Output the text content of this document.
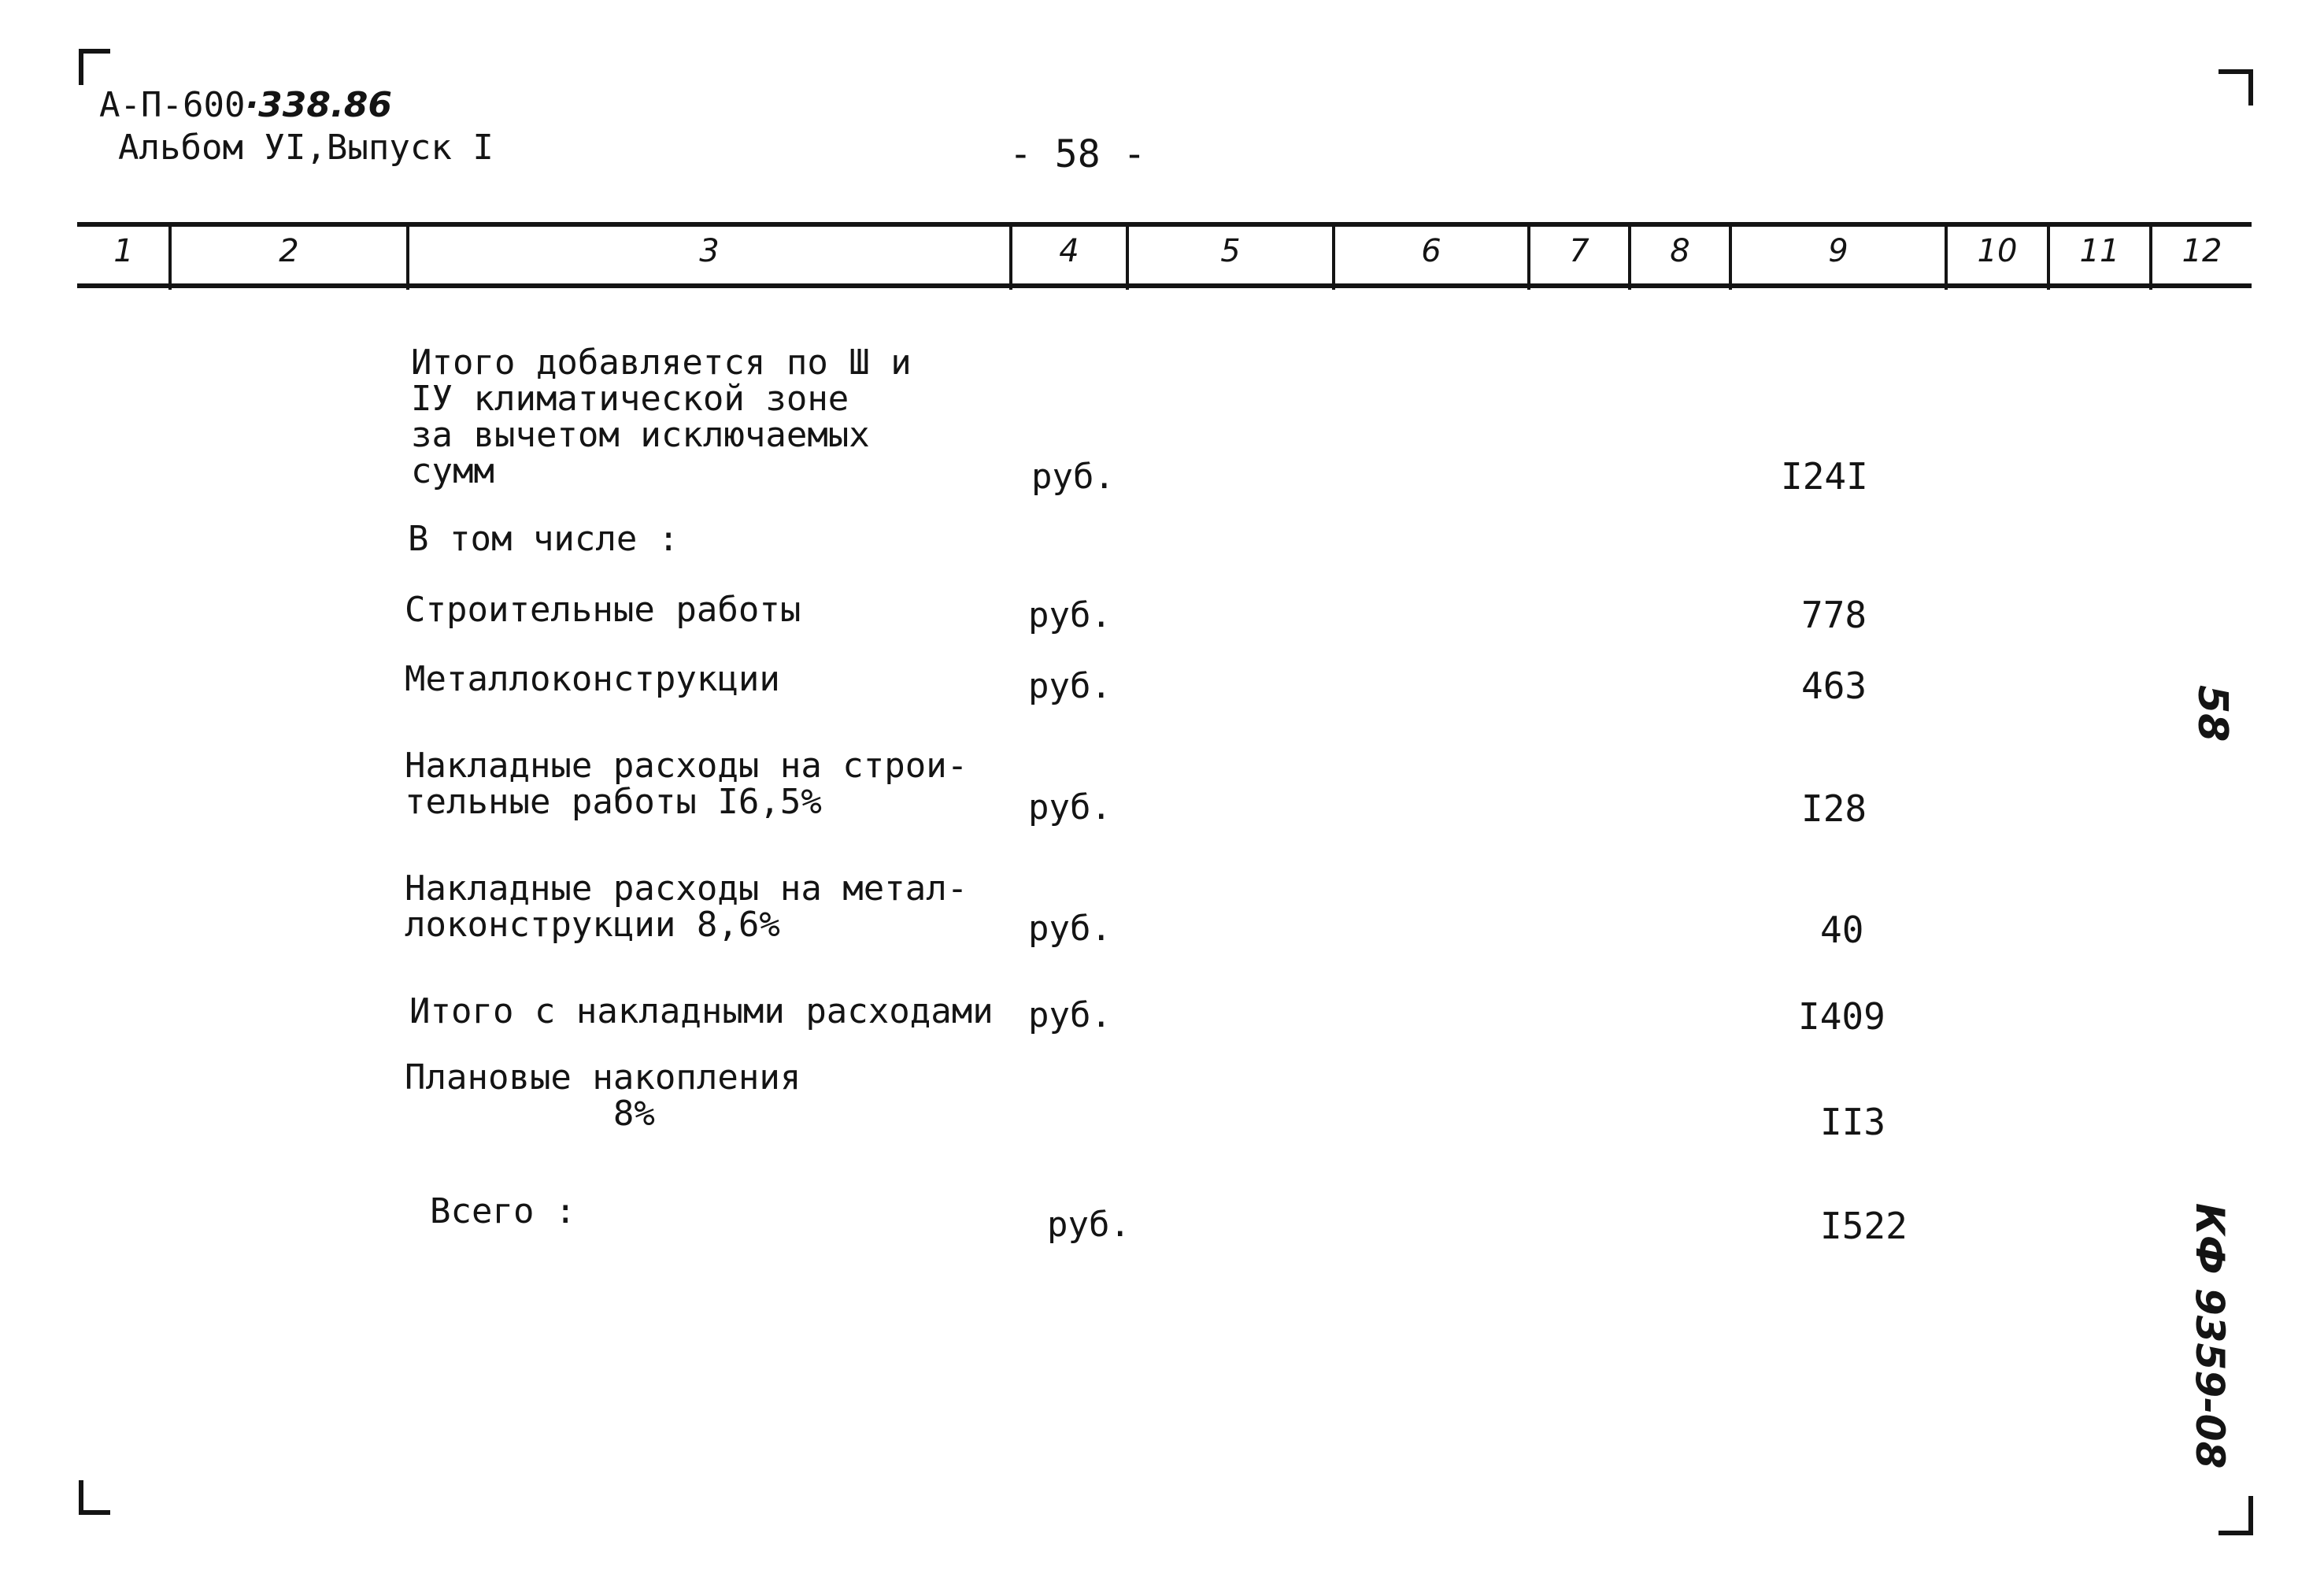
А-П-600·338.86
Альбом УI,Выпуск I	- 58 -
1	2	3	4	5	6	7	8	9	10	11	12
Итого добавляется по Ш и
IУ климатической зоне
за вычетом исключаемых
сумм	руб.	I24I
В том числе :
Строительные работы	руб.	778
Металлоконструкции	руб.	463
Накладные расходы на строи-
тельные работы I6,5%	руб.	I28
Накладные расходы на метал-
локонструкции 8,6%	руб.	40
Итого с накладными расходами руб.	I409
Плановые накопления
8%	II3
Всего :	руб.	I522
58
КФ 9359-08
